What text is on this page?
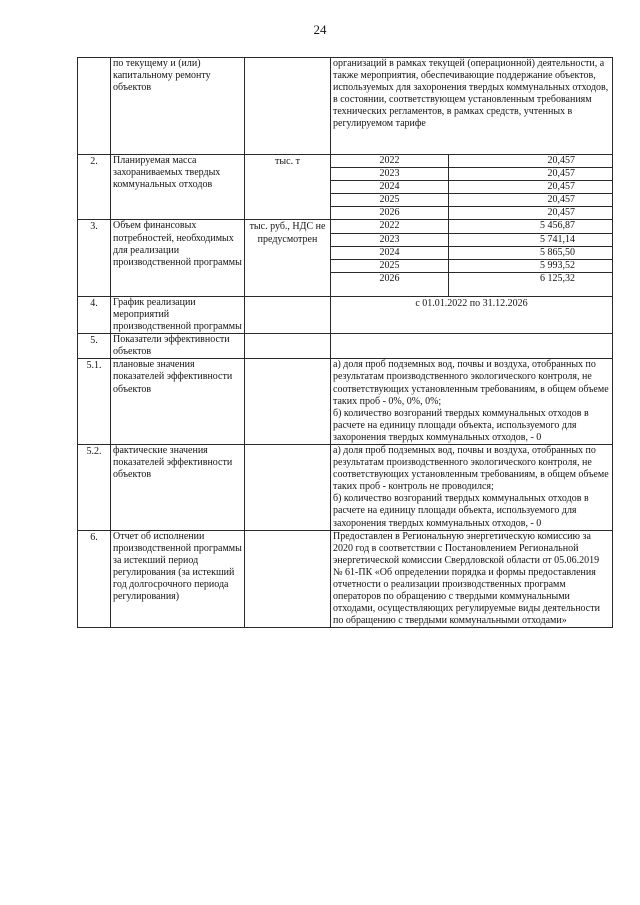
24
	по текущему и (или) капитальному ремонту объектов		организаций в рамках текущей (операционной) деятельности, а также мероприятия, обеспечивающие поддержание объектов, используемых для захоронения твердых коммунальных отходов, в состоянии, соответствующем установленным требованиям технических регламентов, в рамках средств, учтенных в регулируемом тарифе	
2.	Планируемая масса захораниваемых твердых коммунальных отходов	тыс. т	2022	20,457

			2023	20,457

			2024	20,457

			2025	20,457

			2026	20,457

3.	Объем финансовых потребностей, необходимых для реализации производственной программы	тыс. руб., НДС не предусмотрен	2022	5 456,87

			2023	5 741,14

			2024	5 865,50

			2025	5 993,52

			2026	6 125,32

4.	График реализации мероприятий производственной программы		с 01.01.2022 по 31.12.2026	
5.	Показатели эффективности объектов			
5.1.	плановые значения показателей эффективности объектов		а) доля проб подземных вод, почвы и воздуха, отобранных по результатам производственного экологического контроля, не соответствующих установленным требованиям, в общем объеме таких проб - 0%, 0%, 0%;
б) количество возгораний твердых коммунальных отходов в расчете на единицу площади объекта, используемого для захоронения твердых коммунальных отходов, - 0	

5.2.	фактические значения показателей эффективности объектов		а) доля проб подземных вод, почвы и воздуха, отобранных по результатам производственного экологического контроля, не соответствующих установленным требованиям, в общем объеме таких проб - контроль не проводился;
б) количество возгораний твердых коммунальных отходов в расчете на единицу площади объекта, используемого для захоронения твердых коммунальных отходов, - 0	

6.	Отчет об исполнении производственной программы за истекший период регулирования (за истекший год долгосрочного периода регулирования)		Предоставлен в Региональную энергетическую комиссию за 2020 год в соответствии с Постановлением Региональной энергетической комиссии Свердловской области от 05.06.2019 № 61-ПК «Об определении порядка и формы предоставления отчетности о реализации производственных программ операторов по обращению с твердыми коммунальными отходами, осуществляющих регулируемые виды деятельности по обращению с твердыми коммунальными отходами»	
